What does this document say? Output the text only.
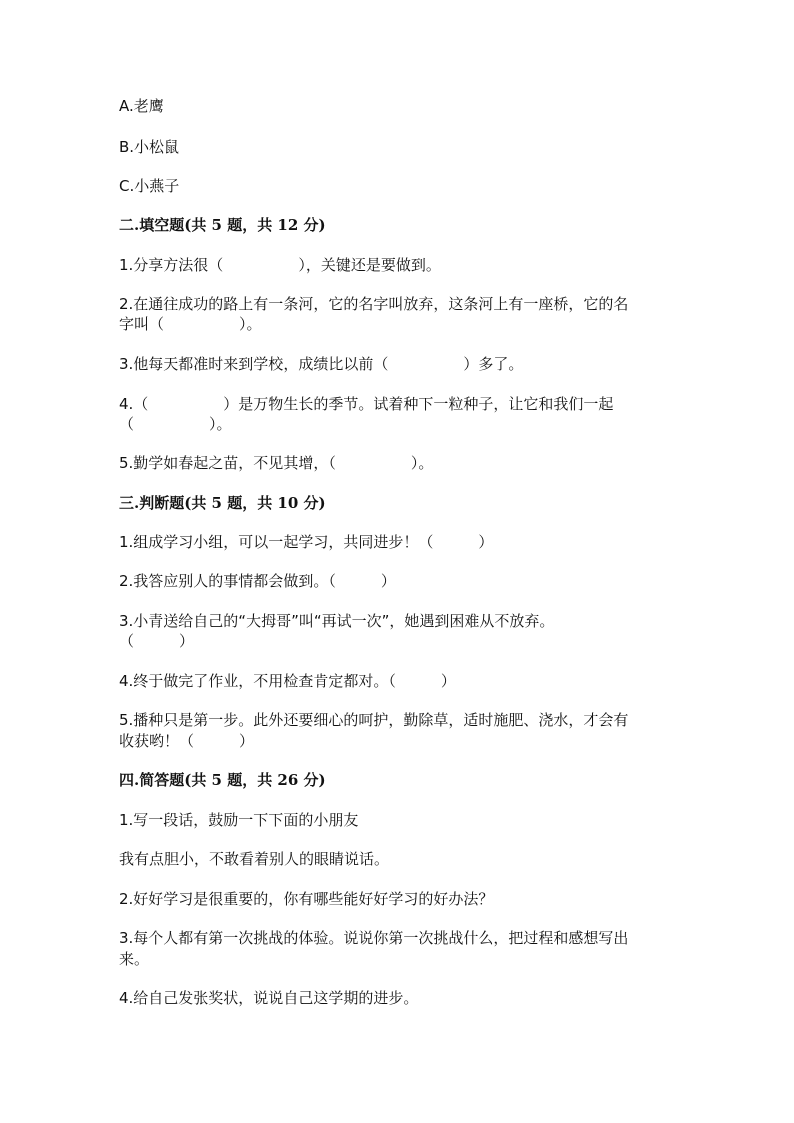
A.老鹰
B.小松鼠
C.小燕子
二.填空题(共 5 题，共 12 分)
1.分享方法很（　　　　　），关键还是要做到。
2.在通往成功的路上有一条河，它的名字叫放弃，这条河上有一座桥，它的名
字叫（　　　　　）。
3.他每天都准时来到学校，成绩比以前（　　　　　）多了。
4.（　　　　　）是万物生长的季节。试着种下一粒种子，让它和我们一起
（　　　　　）。
5.勤学如春起之苗，不见其增，（　　　　　）。
三.判断题(共 5 题，共 10 分)
1.组成学习小组，可以一起学习，共同进步！（　　　）
2.我答应别人的事情都会做到。（　　　）
3.小青送给自己的“大拇哥”叫“再试一次”，她遇到困难从不放弃。
（　　　）
4.终于做完了作业，不用检查肯定都对。（　　　）
5.播种只是第一步。此外还要细心的呵护，勤除草，适时施肥、浇水，才会有
收获哟！（　　　）
四.简答题(共 5 题，共 26 分)
1.写一段话，鼓励一下下面的小朋友
我有点胆小，不敢看着别人的眼睛说话。
2.好好学习是很重要的，你有哪些能好好学习的好办法？
3.每个人都有第一次挑战的体验。说说你第一次挑战什么，把过程和感想写出
来。
4.给自己发张奖状，说说自己这学期的进步。
